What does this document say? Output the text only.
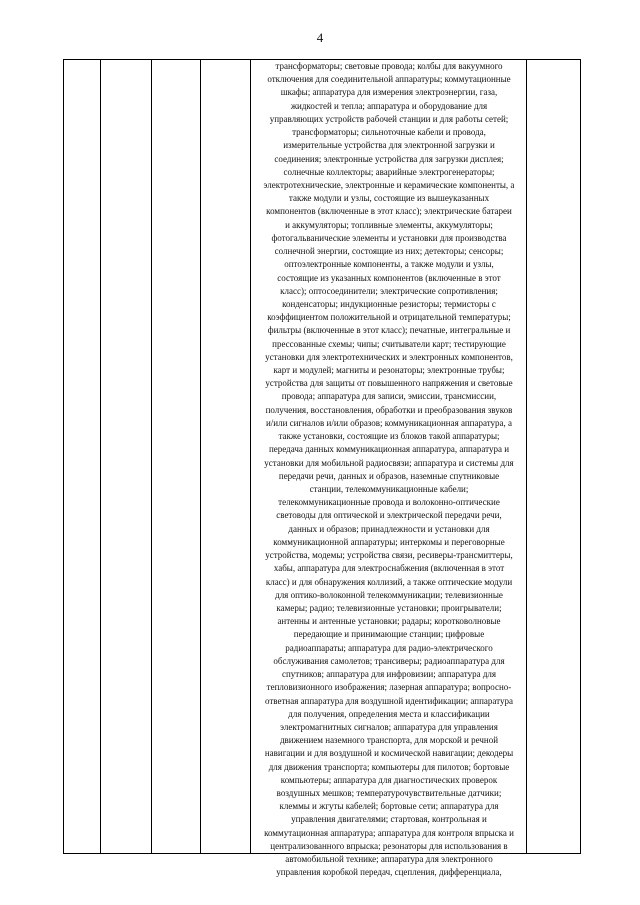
4
трансформаторы; световые провода; колбы для вакуумного
отключения для соединительной аппаратуры; коммутационные
шкафы; аппаратура для измерения электроэнергии, газа,
жидкостей и тепла; аппаратура и оборудование для
управляющих устройств рабочей станции и для работы сетей;
трансформаторы; сильноточные кабели и провода,
измерительные устройства для электронной загрузки и
соединения; электронные устройства для загрузки дисплея;
солнечные коллекторы; аварийные электрогенераторы;
электротехнические, электронные и керамические компоненты, а
также модули и узлы, состоящие из вышеуказанных
компонентов (включенные в этот класс); электрические батареи
и аккумуляторы; топливные элементы, аккумуляторы;
фотогальванические элементы и установки для производства
солнечной энергии, состоящие из них; детекторы; сенсоры;
оптоэлектронные компоненты, а также модули и узлы,
состоящие из указанных компонентов (включенные в этот
класс); оптосоединители; электрические сопротивления;
конденсаторы; индукционные резисторы; термисторы с
коэффициентом положительной и отрицательной температуры;
фильтры (включенные в этот класс); печатные, интегральные и
прессованные схемы; чипы; считыватели карт; тестирующие
установки для электротехнических и электронных компонентов,
карт и модулей; магниты и резонаторы; электронные трубы;
устройства для защиты от повышенного напряжения и световые
провода; аппаратура для записи, эмиссии, трансмиссии,
получения, восстановления, обработки и преобразования звуков
и/или сигналов и/или образов; коммуникационная аппаратура, а
также установки, состоящие из блоков такой аппаратуры;
передача данных коммуникационная аппаратура, аппаратура и
установки для мобильной радиосвязи; аппаратура и системы для
передачи речи, данных и образов, наземные спутниковые
станции, телекоммуникационные кабели;
телекоммуникационные провода и волоконно-оптические
световоды для оптической и электрической передачи речи,
данных и образов; принадлежности и установки для
коммуникационной аппаратуры; интеркомы и переговорные
устройства, модемы; устройства связи, ресиверы-трансмиттеры,
хабы, аппаратура для электроснабжения (включенная в этот
класс) и для обнаружения коллизий, а также оптические модули
для оптико-волоконной телекоммуникации; телевизионные
камеры; радио; телевизионные установки; проигрыватели;
антенны и антенные установки; радары; коротковолновые
передающие и принимающие станции; цифровые
радиоаппараты; аппаратура для радио-электрического
обслуживания самолетов; трансиверы; радиоаппаратура для
спутников; аппаратура для инфровизии; аппаратура для
тепловизионного изображения; лазерная аппаратура; вопросно-
ответная аппаратура для воздушной идентификации; аппаратура
для получения, определения места и классификации
электромагнитных сигналов; аппаратура для управления
движением наземного транспорта, для морской и речной
навигации и для воздушной и космической навигации; декодеры
для движения транспорта; компьютеры для пилотов; бортовые
компьютеры; аппаратура для диагностических проверок
воздушных мешков; температурочувствительные датчики;
клеммы и жгуты кабелей; бортовые сети; аппаратура для
управления двигателями; стартовая, контрольная и
коммутационная аппаратура; аппаратура для контроля впрыска и
централизованного впрыска; резонаторы для использования в
автомобильной технике; аппаратура для электронного
управления коробкой передач, сцепления, дифференциала,
